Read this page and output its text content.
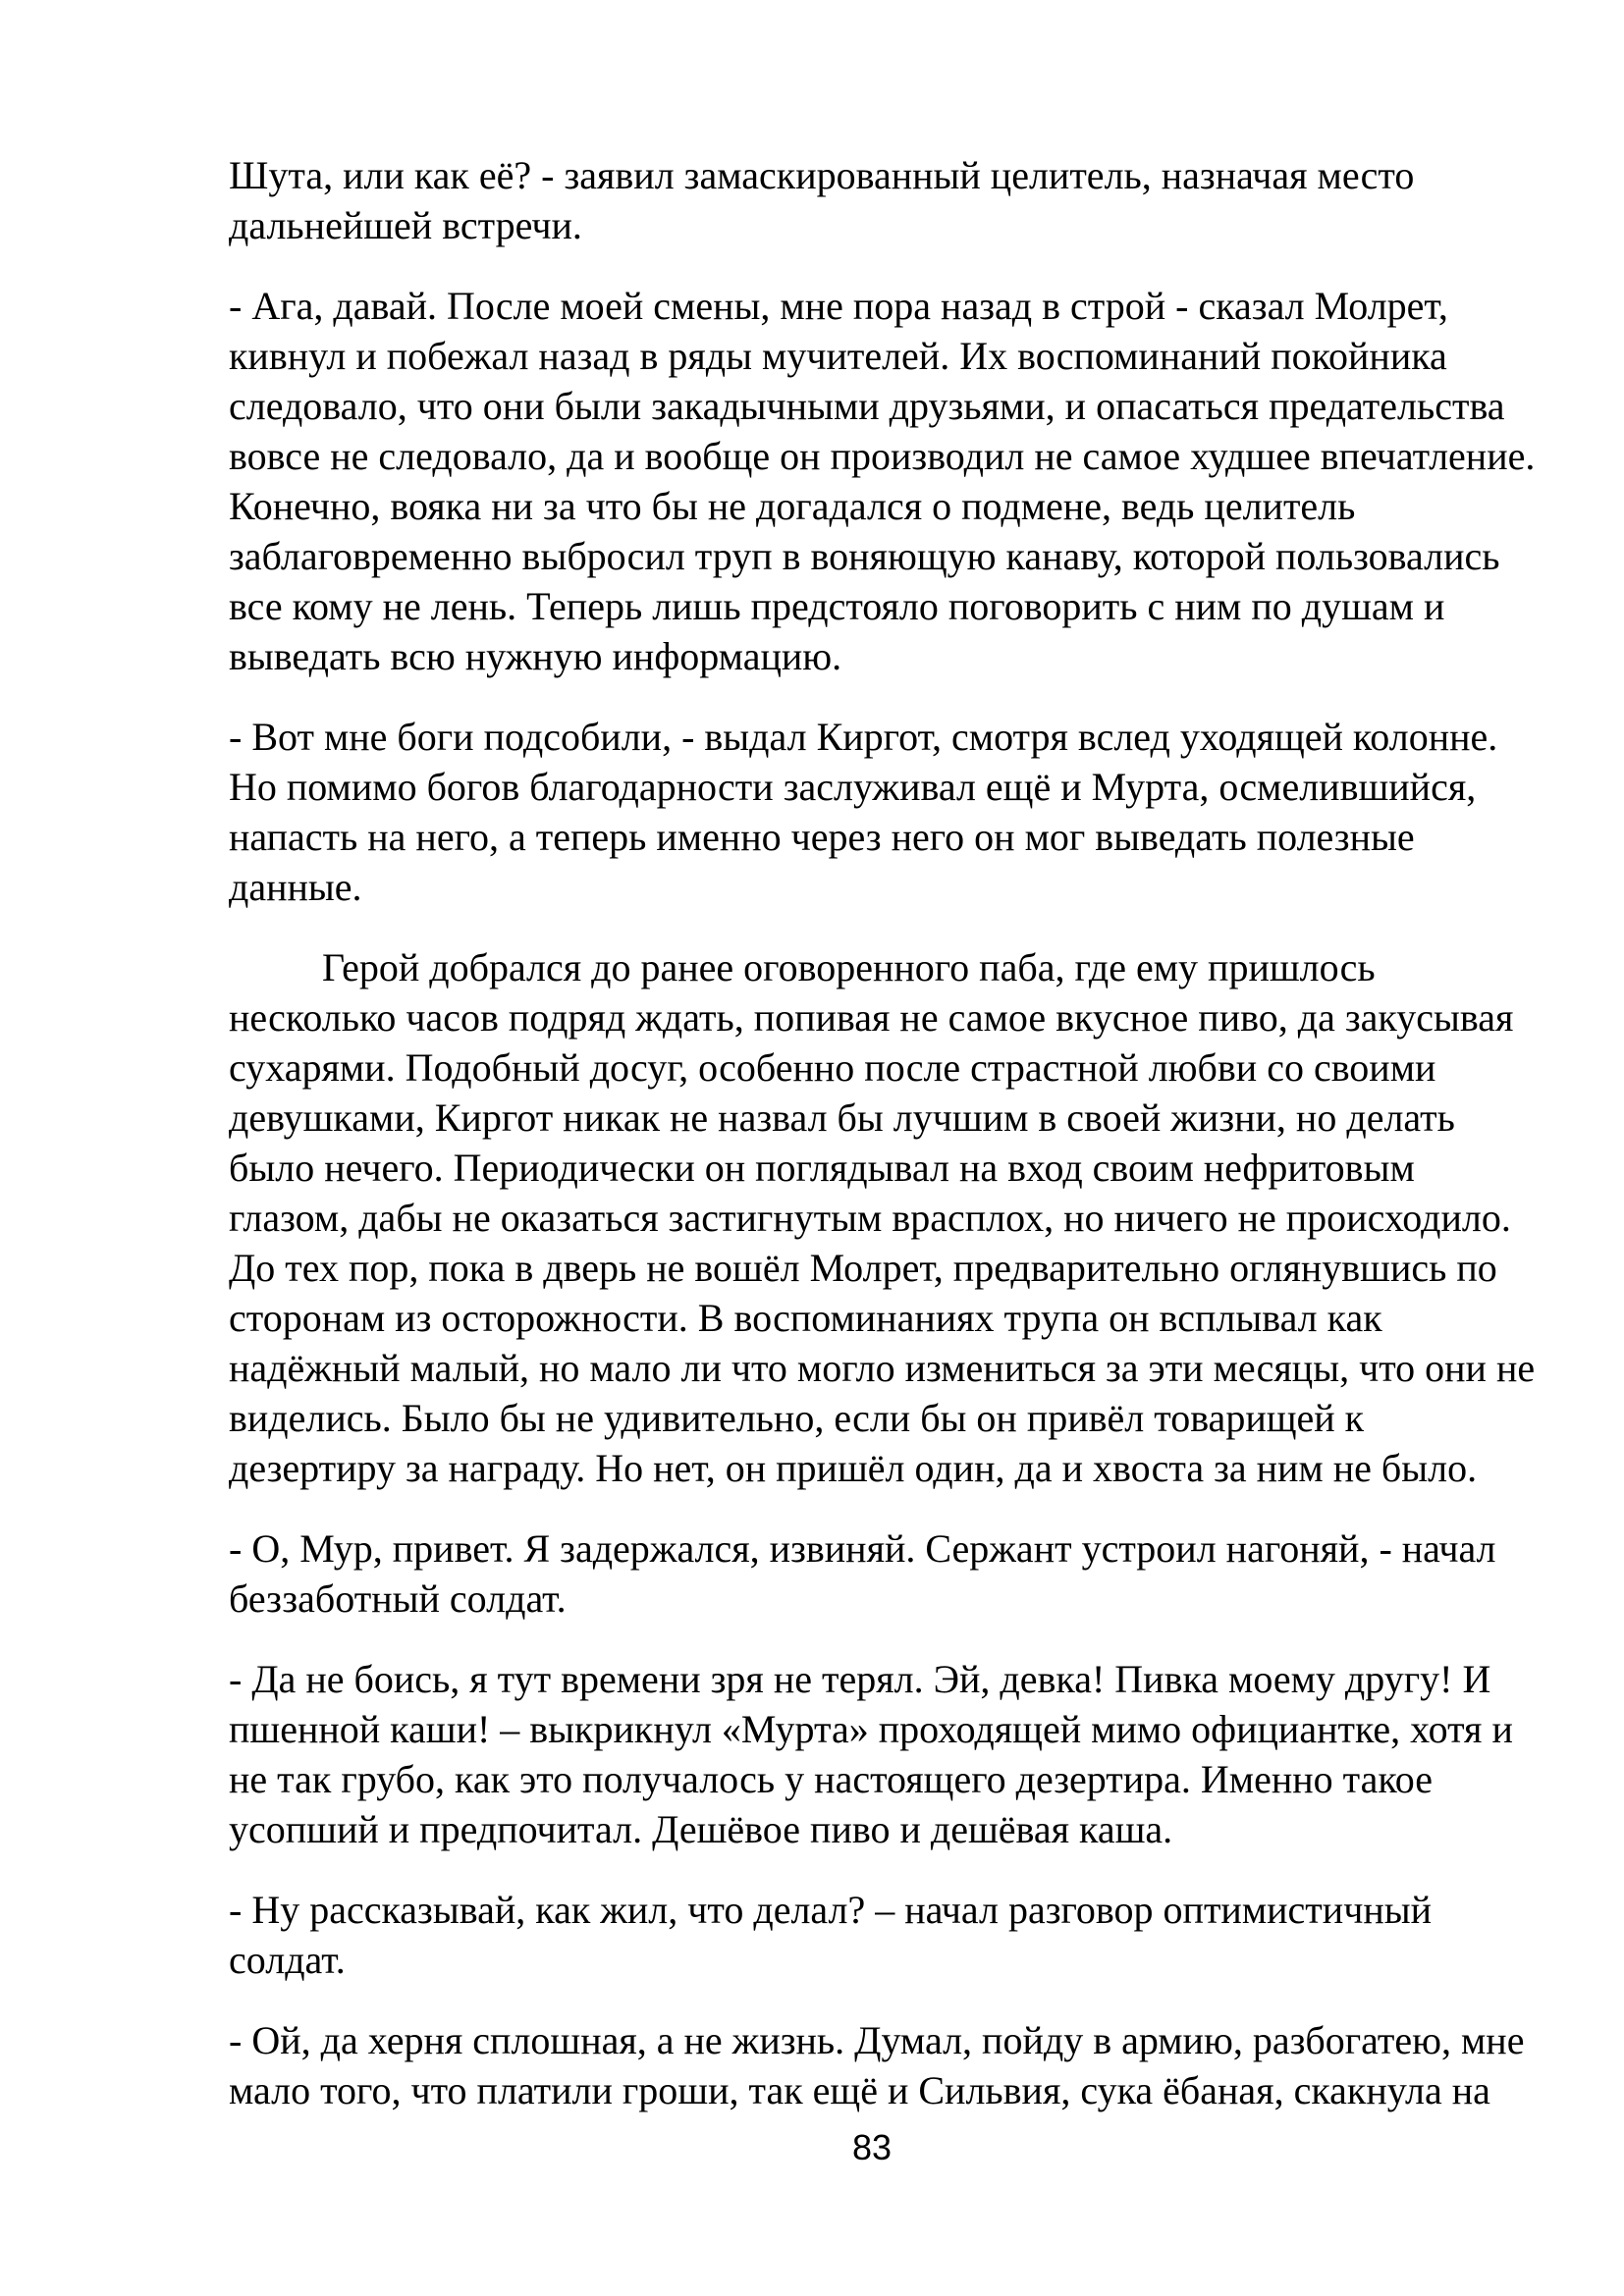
Шута, или как её? - заявил замаскированный целитель, назначая место
дальнейшей встречи.
- Ага, давай. После моей смены, мне пора назад в строй - сказал Молрет,
кивнул и побежал назад в ряды мучителей. Их воспоминаний покойника
следовало, что они были закадычными друзьями, и опасаться предательства
вовсе не следовало, да и вообще он производил не самое худшее впечатление.
Конечно, вояка ни за что бы не догадался о подмене, ведь целитель
заблаговременно выбросил труп в воняющую канаву, которой пользовались
все кому не лень. Теперь лишь предстояло поговорить с ним по душам и
выведать всю нужную информацию.
- Вот мне боги подсобили, - выдал Киргот, смотря вслед уходящей колонне.
Но помимо богов благодарности заслуживал ещё и Мурта, осмелившийся,
напасть на него, а теперь именно через него он мог выведать полезные
данные.
Герой добрался до ранее оговоренного паба, где ему пришлось
несколько часов подряд ждать, попивая не самое вкусное пиво, да закусывая
сухарями. Подобный досуг, особенно после страстной любви со своими
девушками, Киргот никак не назвал бы лучшим в своей жизни, но делать
было нечего. Периодически он поглядывал на вход своим нефритовым
глазом, дабы не оказаться застигнутым врасплох, но ничего не происходило.
До тех пор, пока в дверь не вошёл Молрет, предварительно оглянувшись по
сторонам из осторожности. В воспоминаниях трупа он всплывал как
надёжный малый, но мало ли что могло измениться за эти месяцы, что они не
виделись. Было бы не удивительно, если бы он привёл товарищей к
дезертиру за награду. Но нет, он пришёл один, да и хвоста за ним не было.
- О, Мур, привет. Я задержался, извиняй. Сержант устроил нагоняй, - начал
беззаботный солдат.
- Да не боись, я тут времени зря не терял. Эй, девка! Пивка моему другу! И
пшенной каши! – выкрикнул «Мурта» проходящей мимо официантке, хотя и
не так грубо, как это получалось у настоящего дезертира. Именно такое
усопший и предпочитал. Дешёвое пиво и дешёвая каша.
- Ну рассказывай, как жил, что делал? – начал разговор оптимистичный
солдат.
- Ой, да херня сплошная, а не жизнь. Думал, пойду в армию, разбогатею, мне
мало того, что платили гроши, так ещё и Сильвия, сука ёбаная, скакнула на
83
